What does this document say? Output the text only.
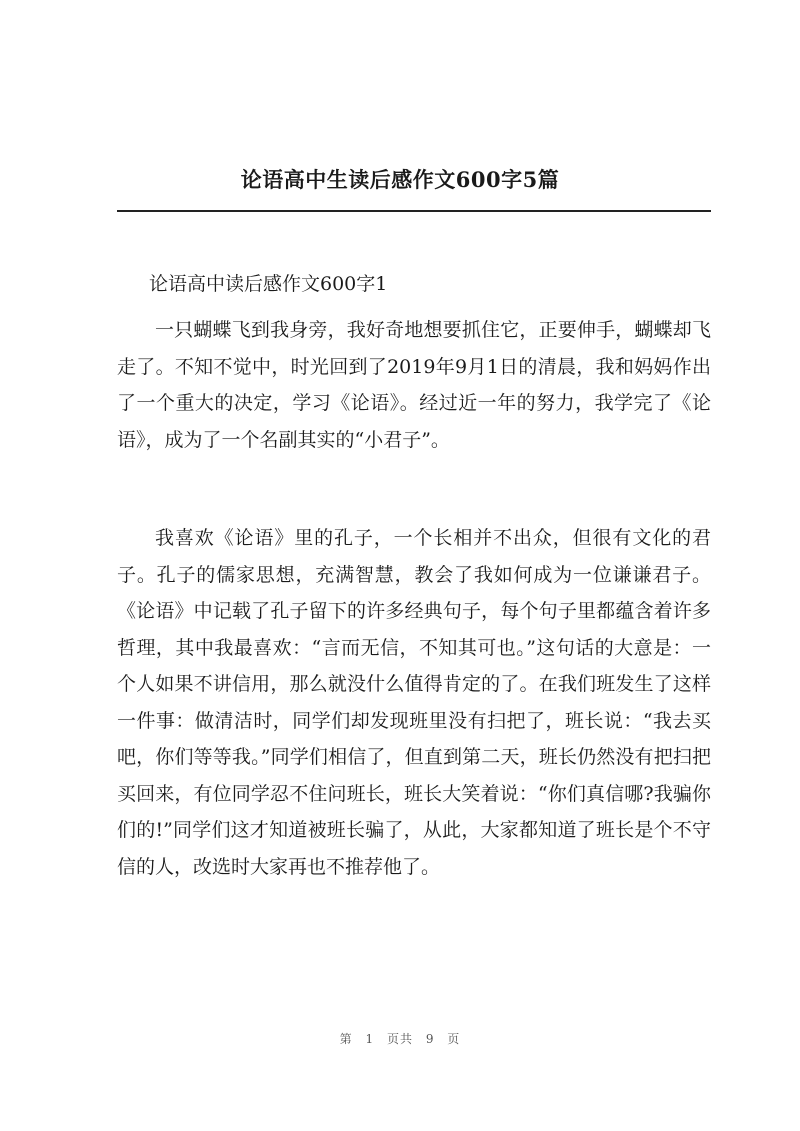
论语高中生读后感作文600字5篇

论语高中读后感作文600字1

一只蝴蝶飞到我身旁，我好奇地想要抓住它，正要伸手，蝴蝶却飞走了。不知不觉中，时光回到了2019年9月1日的清晨，我和妈妈作出了一个重大的决定，学习《论语》。经过近一年的努力，我学完了《论语》，成为了一个名副其实的“小君子”。

我喜欢《论语》里的孔子，一个长相并不出众，但很有文化的君子。孔子的儒家思想，充满智慧，教会了我如何成为一位谦谦君子。《论语》中记载了孔子留下的许多经典句子，每个句子里都蕴含着许多哲理，其中我最喜欢：“言而无信，不知其可也。”这句话的大意是：一个人如果不讲信用，那么就没什么值得肯定的了。在我们班发生了这样一件事：做清洁时，同学们却发现班里没有扫把了，班长说：“我去买吧，你们等等我。”同学们相信了，但直到第二天，班长仍然没有把扫把买回来，有位同学忍不住问班长，班长大笑着说：“你们真信哪?我骗你们的!”同学们这才知道被班长骗了，从此，大家都知道了班长是个不守信的人，改选时大家再也不推荐他了。

第 1 页共 9 页
